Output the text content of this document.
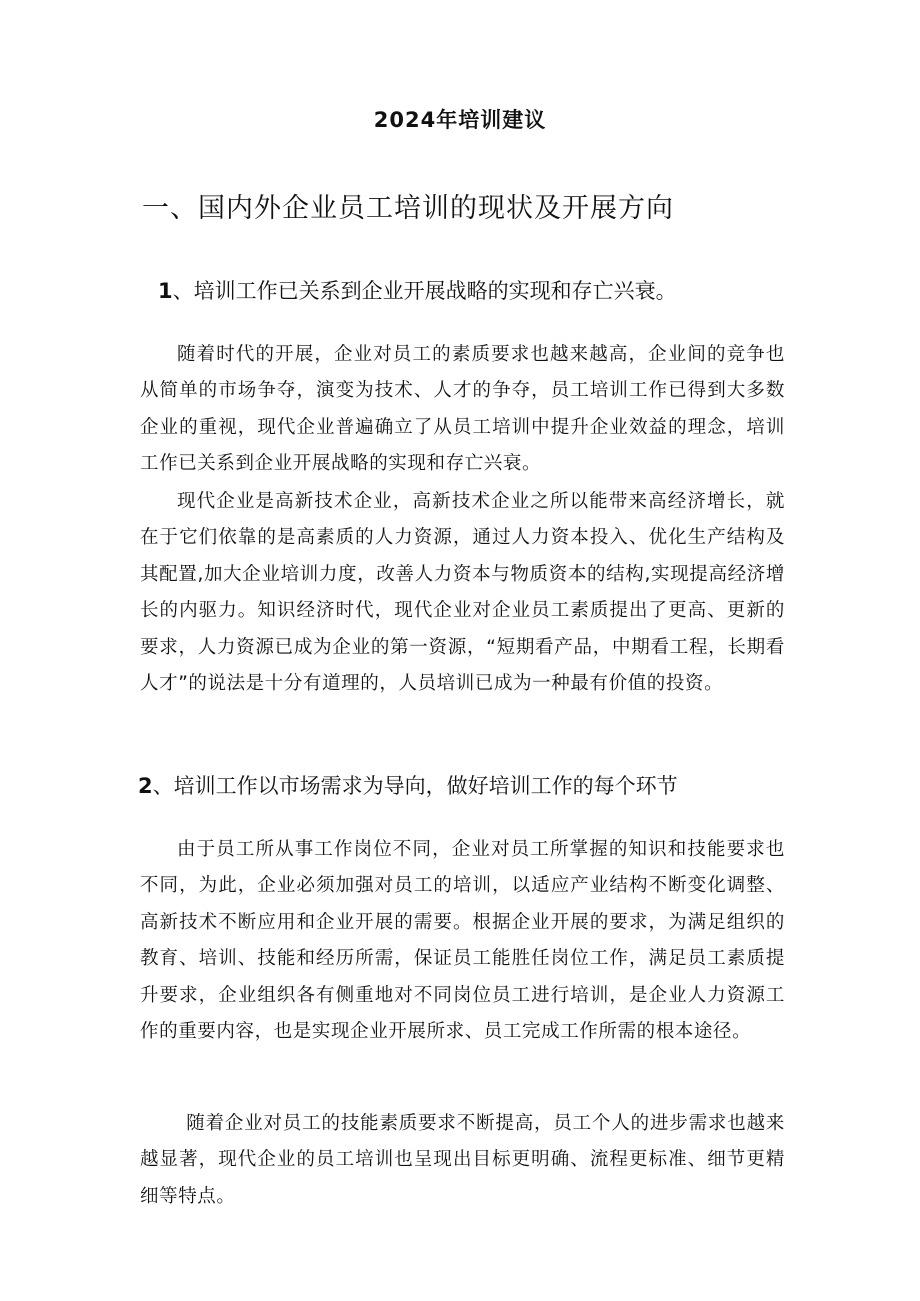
2024年培训建议
一、国内外企业员工培训的现状及开展方向
1、培训工作已关系到企业开展战略的实现和存亡兴衰。

随着时代的开展，企业对员工的素质要求也越来越高，企业间的竞争也从简单的市场争夺，演变为技术、人才的争夺，员工培训工作已得到大多数企业的重视，现代企业普遍确立了从员工培训中提升企业效益的理念，培训工作已关系到企业开展战略的实现和存亡兴衰。

现代企业是高新技术企业，高新技术企业之所以能带来高经济增长，就在于它们依靠的是高素质的人力资源，通过人力资本投入、优化生产结构及其配置,加大企业培训力度，改善人力资本与物质资本的结构,实现提高经济增长的内驱力。知识经济时代，现代企业对企业员工素质提出了更高、更新的要求，人力资源已成为企业的第一资源，“短期看产品，中期看工程，长期看人才”的说法是十分有道理的，人员培训已成为一种最有价值的投资。

2、培训工作以市场需求为导向，做好培训工作的每个环节

由于员工所从事工作岗位不同，企业对员工所掌握的知识和技能要求也不同，为此，企业必须加强对员工的培训，以适应产业结构不断变化调整、高新技术不断应用和企业开展的需要。根据企业开展的要求，为满足组织的教育、培训、技能和经历所需，保证员工能胜任岗位工作，满足员工素质提升要求，企业组织各有侧重地对不同岗位员工进行培训，是企业人力资源工作的重要内容，也是实现企业开展所求、员工完成工作所需的根本途径。

随着企业对员工的技能素质要求不断提高，员工个人的进步需求也越来越显著，现代企业的员工培训也呈现出目标更明确、流程更标准、细节更精细等特点。
